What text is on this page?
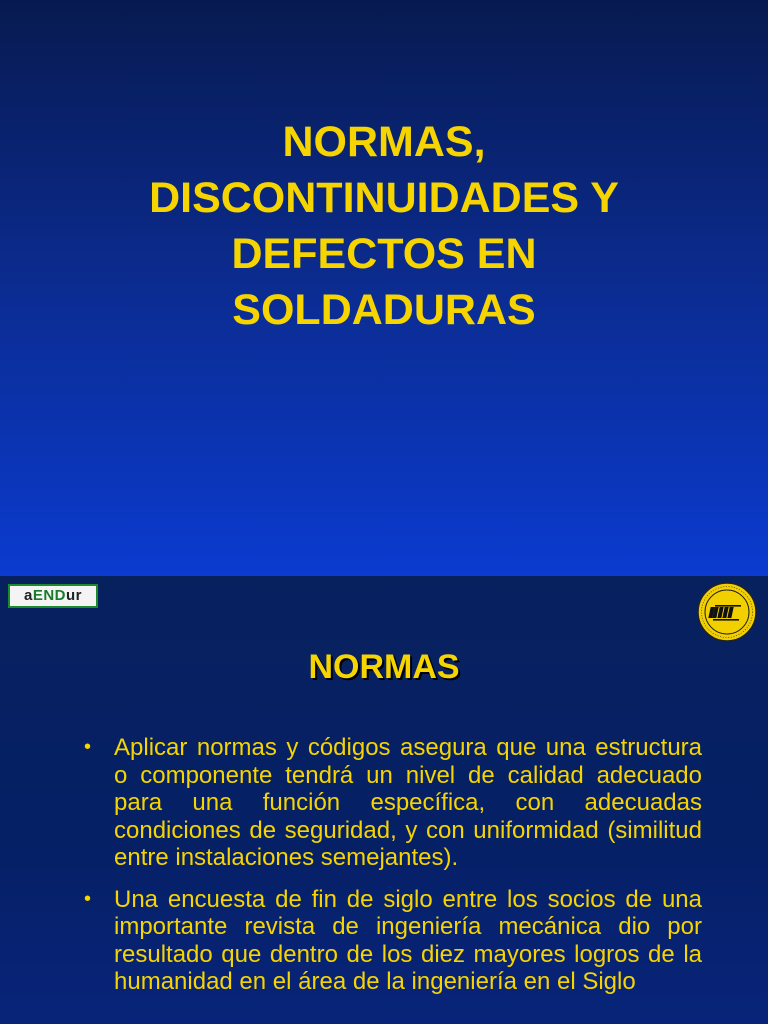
NORMAS,
DISCONTINUIDADES Y
DEFECTOS EN
SOLDADURAS
a END ur
NORMAS
• Aplicar normas y códigos asegura que una estructura o componente tendrá un nivel de calidad adecuado para una función específica, con adecuadas condiciones de seguridad, y con uniformidad (similitud entre instalaciones semejantes).
• Una encuesta de fin de siglo entre los socios de una importante revista de ingeniería mecánica dio por resultado que dentro de los diez mayores logros de la humanidad en el área de la ingeniería en el Siglo
